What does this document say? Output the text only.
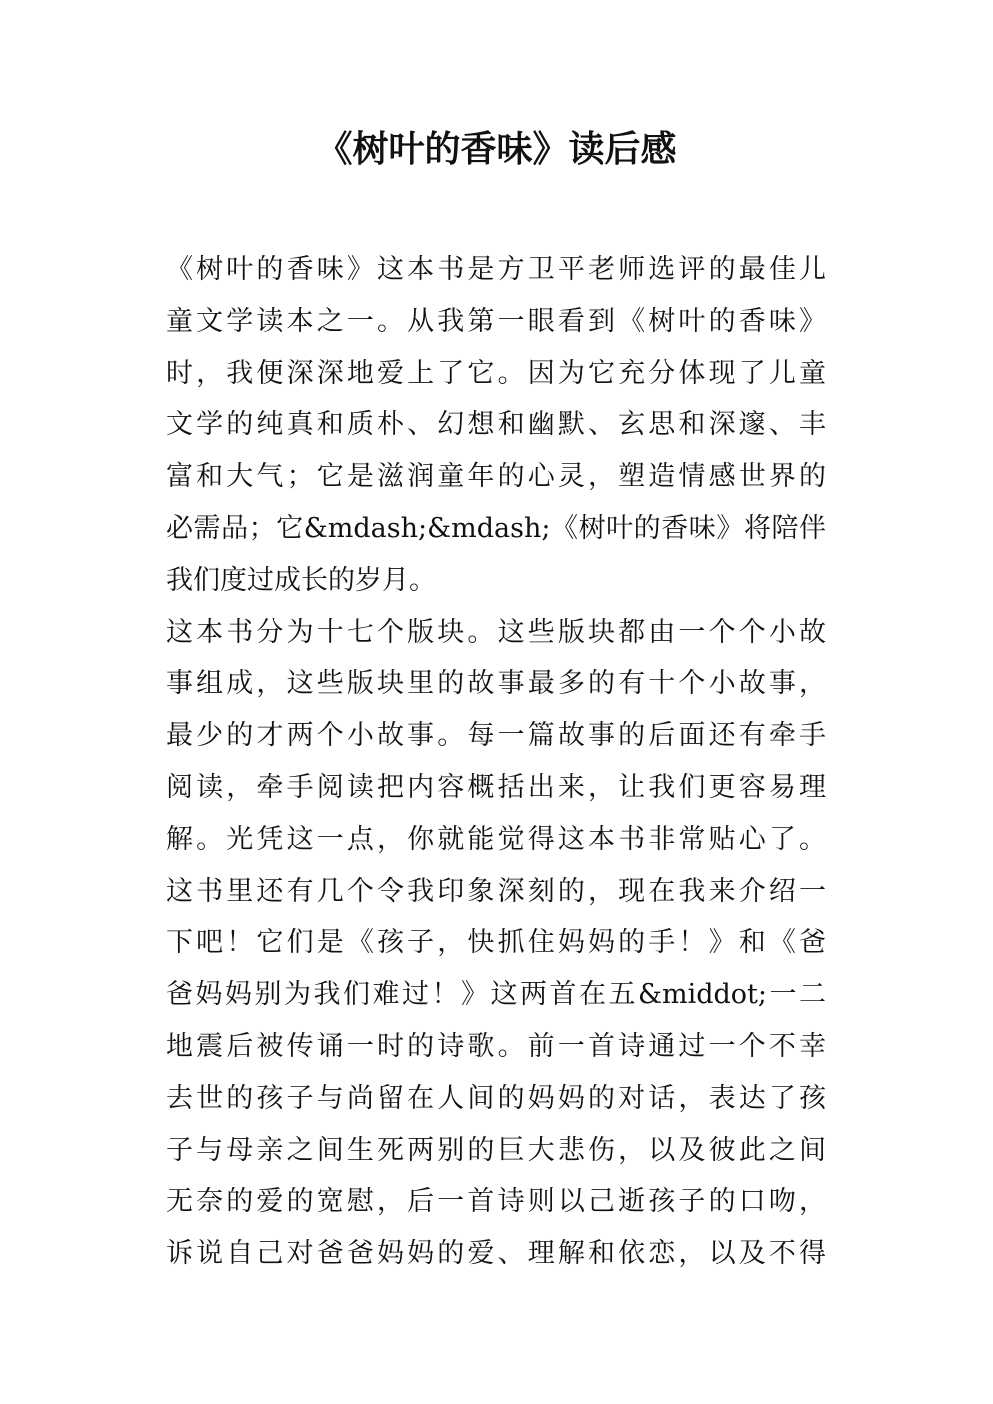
《树叶的香味》读后感
《树叶的香味》这本书是方卫平老师选评的最佳儿
童文学读本之一。从我第一眼看到《树叶的香味》
时，我便深深地爱上了它。因为它充分体现了儿童
文学的纯真和质朴、幻想和幽默、玄思和深邃、丰
富和大气；它是滋润童年的心灵，塑造情感世界的
必需品；它&mdash;&mdash;《树叶的香味》将陪伴
我们度过成长的岁月。
这本书分为十七个版块。这些版块都由一个个小故
事组成，这些版块里的故事最多的有十个小故事，
最少的才两个小故事。每一篇故事的后面还有牵手
阅读，牵手阅读把内容概括出来，让我们更容易理
解。光凭这一点，你就能觉得这本书非常贴心了。
这书里还有几个令我印象深刻的，现在我来介绍一
下吧！它们是《孩子，快抓住妈妈的手！》和《爸
爸妈妈别为我们难过！》这两首在五&middot;一二
地震后被传诵一时的诗歌。前一首诗通过一个不幸
去世的孩子与尚留在人间的妈妈的对话，表达了孩
子与母亲之间生死两别的巨大悲伤，以及彼此之间
无奈的爱的宽慰，后一首诗则以己逝孩子的口吻，
诉说自己对爸爸妈妈的爱、理解和依恋，以及不得
